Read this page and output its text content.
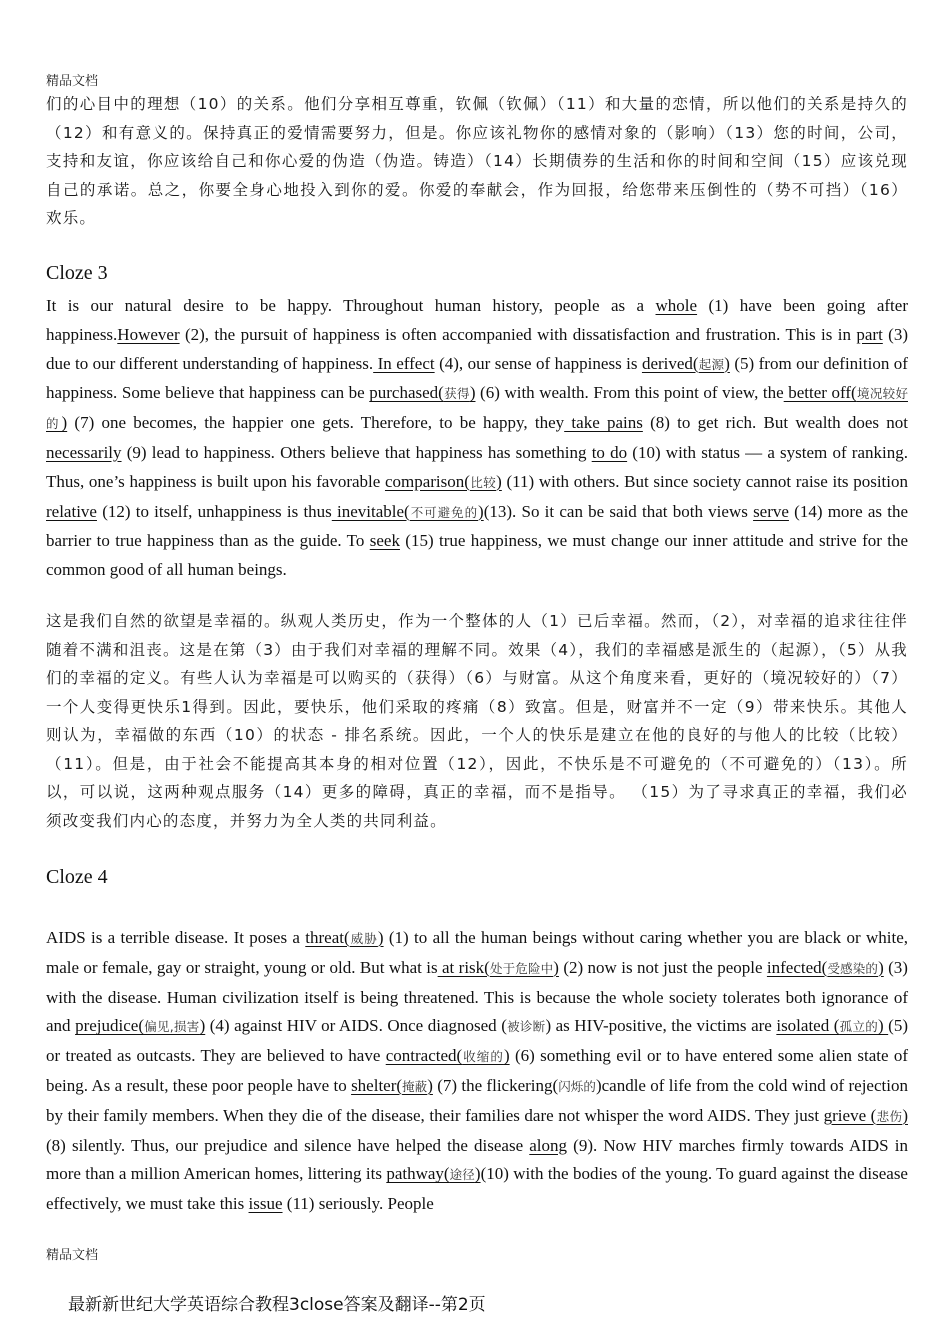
精品文档

们的心目中的理想（10）的关系。他们分享相互尊重，钦佩（钦佩）（11）和大量的恋情，所以他们的关系是持久的（12）和有意义的。保持真正的爱情需要努力，但是。你应该礼物你的感情对象的（影响）（13）您的时间，公司，支持和友谊，你应该给自己和你心爱的伪造（伪造。铸造）（14）长期债券的生活和你的时间和空间（15）应该兑现自己的承诺。总之，你要全身心地投入到你的爱。你爱的奉献会，作为回报，给您带来压倒性的（势不可挡）（16）欢乐。

Cloze 3

It is our natural desire to be happy. Throughout human history, people as a whole (1) have been going after happiness.However (2), the pursuit of happiness is often accompanied with dissatisfaction and frustration. This is in part (3) due to our different understanding of happiness. In effect (4), our sense of happiness is derived(起源) (5) from our definition of happiness. Some believe that happiness can be purchased(获得) (6) with wealth. From this point of view, the better off(境况较好的) (7) one becomes, the happier one gets. Therefore, to be happy, they take pains (8) to get rich. But wealth does not necessarily (9) lead to happiness. Others believe that happiness has something to do (10) with status — a system of ranking. Thus, one’s happiness is built upon his favorable comparison(比较) (11) with others. But since society cannot raise its position relative (12) to itself, unhappiness is thus inevitable(不可避免的)(13). So it can be said that both views serve (14) more as the barrier to true happiness than as the guide. To seek (15) true happiness, we must change our inner attitude and strive for the common good of all human beings.

这是我们自然的欲望是幸福的。纵观人类历史，作为一个整体的人（1）已后幸福。然而，（2），对幸福的追求往往伴随着不满和沮丧。这是在第（3）由于我们对幸福的理解不同。效果（4），我们的幸福感是派生的（起源），（5）从我们的幸福的定义。有些人认为幸福是可以购买的（获得）（6）与财富。从这个角度来看，更好的（境况较好的）（7）一个人变得更快乐1得到。因此，要快乐，他们采取的疼痛（8）致富。但是，财富并不一定（9）带来快乐。其他人则认为，幸福做的东西（10）的状态 - 排名系统。因此，一个人的快乐是建立在他的良好的与他人的比较（比较）（11）。但是，由于社会不能提高其本身的相对位置（12），因此，不快乐是不可避免的（不可避免的）（13）。所以，可以说，这两种观点服务（14）更多的障碍，真正的幸福，而不是指导。 （15）为了寻求真正的幸福，我们必须改变我们内心的态度，并努力为全人类的共同利益。

Cloze 4

AIDS is a terrible disease. It poses a threat(威胁) (1) to all the human beings without caring whether you are black or white, male or female, gay or straight, young or old. But what is at risk(处于危险中) (2) now is not just the people infected(受感染的) (3) with the disease. Human civilization itself is being threatened. This is because the whole society tolerates both ignorance of and prejudice(偏见,损害) (4) against HIV or AIDS. Once diagnosed (被诊断) as HIV-positive, the victims are isolated (孤立的) (5) or treated as outcasts. They are believed to have contracted(收缩的) (6) something evil or to have entered some alien state of being. As a result, these poor people have to shelter(掩蔽) (7) the flickering(闪烁的)candle of life from the cold wind of rejection by their family members. When they die of the disease, their families dare not whisper the word AIDS. They just grieve (悲伤) (8) silently. Thus, our prejudice and silence have helped the disease along (9). Now HIV marches firmly towards AIDS in more than a million American homes, littering its pathway(途径)(10) with the bodies of the young. To guard against the disease effectively, we must take this issue (11) seriously. People

精品文档
最新新世纪大学英语综合教程3close答案及翻译--第2页
